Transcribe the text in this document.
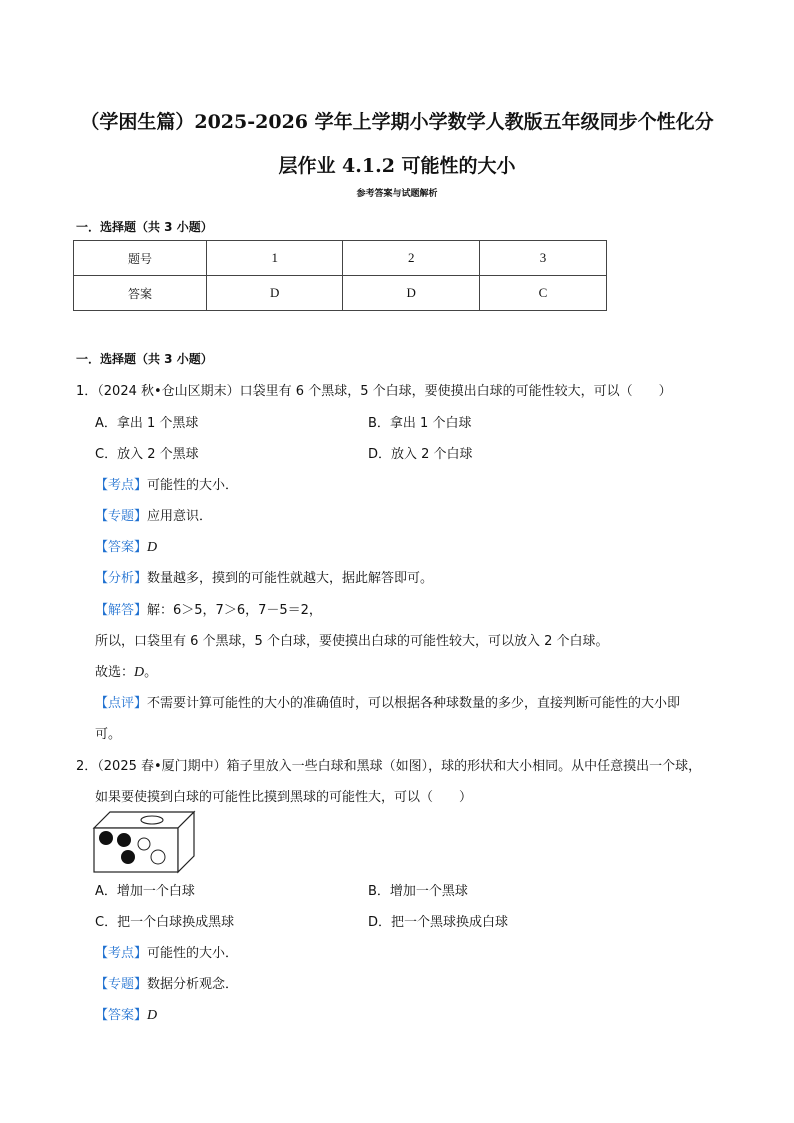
（学困生篇）2025-2026 学年上学期小学数学人教版五年级同步个性化分
层作业 4.1.2 可能性的大小
参考答案与试题解析
一．选择题（共 3 小题）
题号	1	2	3
答案	D	D	C
一．选择题（共 3 小题）
1．（2024 秋•仓山区期末）口袋里有 6 个黑球，5 个白球，要使摸出白球的可能性较大，可以（　　）
A．拿出 1 个黑球	B．拿出 1 个白球
C．放入 2 个黑球	D．放入 2 个白球
【考点】可能性的大小．
【专题】应用意识．
【答案】D
【分析】数量越多，摸到的可能性就越大，据此解答即可。
【解答】解：6＞5，7＞6，7－5＝2，
所以，口袋里有 6 个黑球，5 个白球，要使摸出白球的可能性较大，可以放入 2 个白球。
故选：D。
【点评】不需要计算可能性的大小的准确值时，可以根据各种球数量的多少，直接判断可能性的大小即
可。
2．（2025 春•厦门期中）箱子里放入一些白球和黑球（如图），球的形状和大小相同。从中任意摸出一个球，
如果要使摸到白球的可能性比摸到黑球的可能性大，可以（　　）
A．增加一个白球	B．增加一个黑球
C．把一个白球换成黑球	D．把一个黑球换成白球
【考点】可能性的大小．
【专题】数据分析观念．
【答案】D
